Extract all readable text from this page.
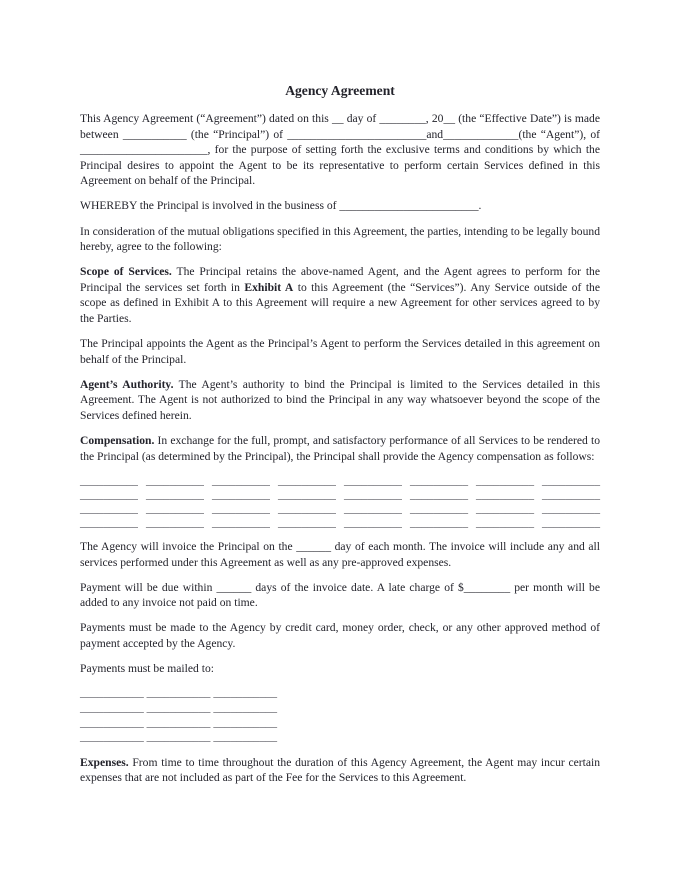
Agency Agreement

This Agency Agreement (“Agreement”) dated on this __ day of ________, 20__ (the “Effective Date”) is made between ___________ (the “Principal”) of ________________________and_____________(the “Agent”), of ______________________, for the purpose of setting forth the exclusive terms and conditions by which the Principal desires to appoint the Agent to be its representative to perform certain Services defined in this Agreement on behalf of the Principal.

WHEREBY the Principal is involved in the business of ________________________.

In consideration of the mutual obligations specified in this Agreement, the parties, intending to be legally bound hereby, agree to the following:

Scope of Services. The Principal retains the above-named Agent, and the Agent agrees to perform for the Principal the services set forth in Exhibit A to this Agreement (the “Services”). Any Service outside of the scope as defined in Exhibit A to this Agreement will require a new Agreement for other services agreed to by the Parties.

The Principal appoints the Agent as the Principal’s Agent to perform the Services detailed in this agreement on behalf of the Principal.

Agent’s Authority. The Agent’s authority to bind the Principal is limited to the Services detailed in this Agreement. The Agent is not authorized to bind the Principal in any way whatsoever beyond the scope of the Services defined herein.

Compensation. In exchange for the full, prompt, and satisfactory performance of all Services to be rendered to the Principal (as determined by the Principal), the Principal shall provide the Agency compensation as follows:

__________ __________ __________ __________ __________ __________ __________ __________
__________ __________ __________ __________ __________ __________ __________ __________
__________ __________ __________ __________ __________ __________ __________ __________
__________ __________ __________ __________ __________ __________ __________ __________

The Agency will invoice the Principal on the ______ day of each month. The invoice will include any and all services performed under this Agreement as well as any pre-approved expenses.

Payment will be due within ______ days of the invoice date. A late charge of $________ per month will be added to any invoice not paid on time.

Payments must be made to the Agency by credit card, money order, check, or any other approved method of payment accepted by the Agency.

Payments must be mailed to:

___________ ___________ ___________
___________ ___________ ___________
___________ ___________ ___________
___________ ___________ ___________

Expenses. From time to time throughout the duration of this Agency Agreement, the Agent may incur certain expenses that are not included as part of the Fee for the Services to this Agreement.
